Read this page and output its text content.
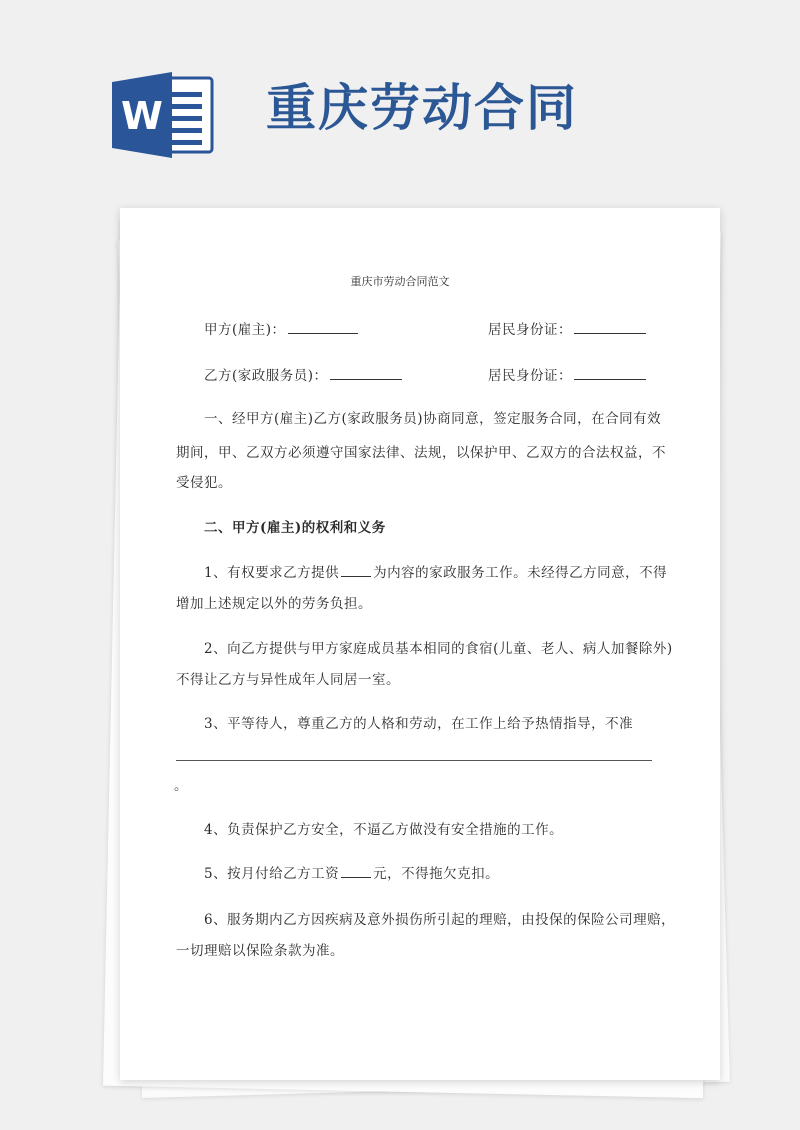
W 重庆劳动合同
重庆市劳动合同范文
甲方(雇主)：	居民身份证：
乙方(家政服务员)：	居民身份证：
一、经甲方(雇主)乙方(家政服务员)协商同意，签定服务合同，在合同有效
期间，甲、乙双方必须遵守国家法律、法规，以保护甲、乙双方的合法权益，不
受侵犯。
二、甲方(雇主)的权利和义务
1、有权要求乙方提供	为内容的家政服务工作。未经得乙方同意，不得
增加上述规定以外的劳务负担。
2、向乙方提供与甲方家庭成员基本相同的食宿(儿童、老人、病人加餐除外)
不得让乙方与异性成年人同居一室。
3、平等待人，尊重乙方的人格和劳动，在工作上给予热情指导，不准
。
4、负责保护乙方安全，不逼乙方做没有安全措施的工作。
5、按月付给乙方工资	元，不得拖欠克扣。
6、服务期内乙方因疾病及意外损伤所引起的理赔，由投保的保险公司理赔，
一切理赔以保险条款为准。
